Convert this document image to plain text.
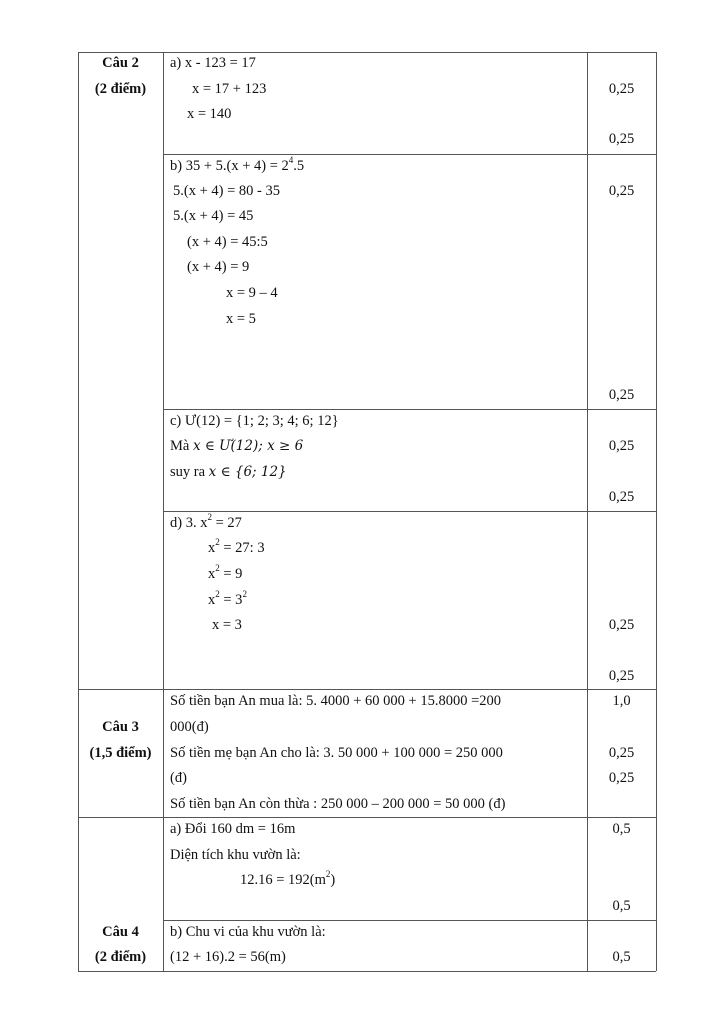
Câu 2
(2 điểm)
a) x - 123 = 17
x = 17 + 123
x = 140
0,25
0,25
b) $35 + 5.(x + 4) = 2^4.5$
5.(x + 4) = 80 - 35
5.(x + 4) = 45
(x + 4) = 45:5
(x + 4) = 9
x = 9 – 4
x = 5
0,25
0,25
c) Ư(12) = {1; 2; 3; 4; 6; 12}
Mà x ∈ Ư(12); x ≥ 6
suy ra x ∈ {6; 12}
0,25
0,25
d) 3. $x^2 = 27$
$x^2 = 27$: 3
$x^2 = 9$
$x^2 = 3^2$
x = 3	0,25
0,25
Câu 3
(1,5 điểm)
Số tiền bạn An mua là: 5. 4000 + 60 000 + 15.8000 =200
000(đ)
Số tiền mẹ bạn An cho là: 3. 50 000 + 100 000 = 250 000
(đ)
Số tiền bạn An còn thừa : 250 000 – 200 000 = 50 000 (đ)
1,0
0,25
0,25
Câu 4
(2 điểm)
a) Đổi 160 dm = 16m
Diện tích khu vườn là:
$12.16 = 192(m^2)$
0,5
0,5
b) Chu vi của khu vườn là:
(12 + 16).2 = 56(m)	0,5
